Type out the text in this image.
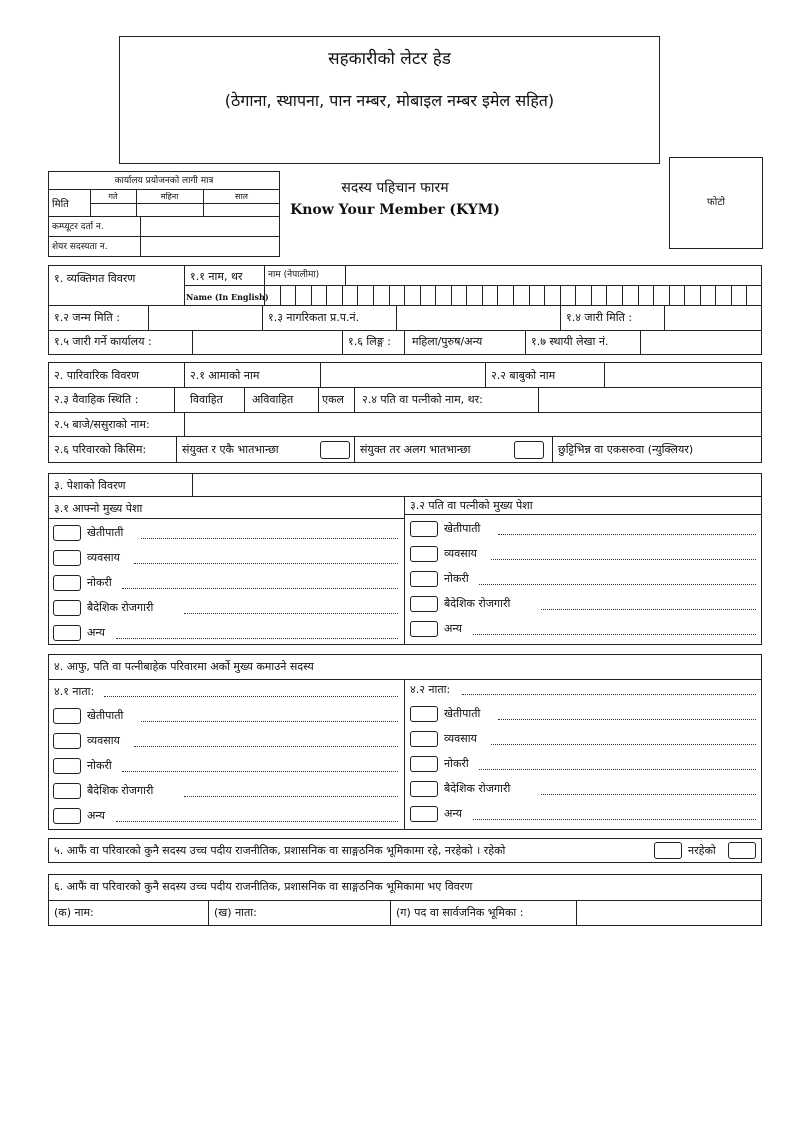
सहकारीको लेटर हेड
(ठेगाना, स्थापना, पान नम्बर, मोबाइल नम्बर इमेल सहित)
कार्यालय प्रयोजनको लागी मात्र
मिति
गते	महिना	साल
कम्प्यूटर दर्ता न.
शेयर सदस्यता न.
सदस्य पहिचान फारम
Know Your Member (KYM)	फोटो
१. व्यक्तिगत विवरण	१.१ नाम, थर	नाम (नेपालीमा)
Name (In English)
१.२ जन्म मिति :	१.३ नागरिकता प्र.प.नं.	१.४ जारी मिति :
१.५ जारी गर्ने कार्यालय :	१.६ लिङ्ग : महिला/पुरुष/अन्य	१.७ स्थायी लेखा नं.
२. पारिवारिक विवरण	२.१ आमाको नाम	२.२ बाबुको नाम
२.३ वैवाहिक स्थिति :	विवाहित	अविवाहित	एकल २.४ पति वा पत्नीको नाम, थर:
२.५ बाजे/ससुराको नाम:
२.६ परिवारको किसिम:	संयुक्त र एकै भातभान्छा	संयुक्त तर अलग भातभान्छा	छुट्टिभिन्न वा एकसरुवा (न्युक्लियर)
३. पेशाको विवरण
३.१ आफ्नो मुख्य पेशा	३.२ पति वा पत्नीको मुख्य पेशा
खेतीपाती
व्यवसाय
नोकरी
बैदेशिक रोजगारी
अन्य
खेतीपाती
व्यवसाय
नोकरी
बैदेशिक रोजगारी
अन्य
४. आफु, पति वा पत्नीबाहेक परिवारमा अर्को मुख्य कमाउने सदस्य
४.१ नाता:	४.२ नाता:
खेतीपाती
व्यवसाय
नोकरी
बैदेशिक रोजगारी
अन्य
खेतीपाती
व्यवसाय
नोकरी
बैदेशिक रोजगारी
अन्य
५. आफैं वा परिवारको कुनै सदस्य उच्च पदीय राजनीतिक, प्रशासनिक वा साङ्गठनिक भूमिकामा रहे, नरहेको । रहेको	नरहेको
६. आफैं वा परिवारको कुनै सदस्य उच्च पदीय राजनीतिक, प्रशासनिक वा साङ्गठनिक भूमिकामा भए विवरण
(क) नाम:	(ख) नाता:	(ग) पद वा सार्वजनिक भूमिका :
